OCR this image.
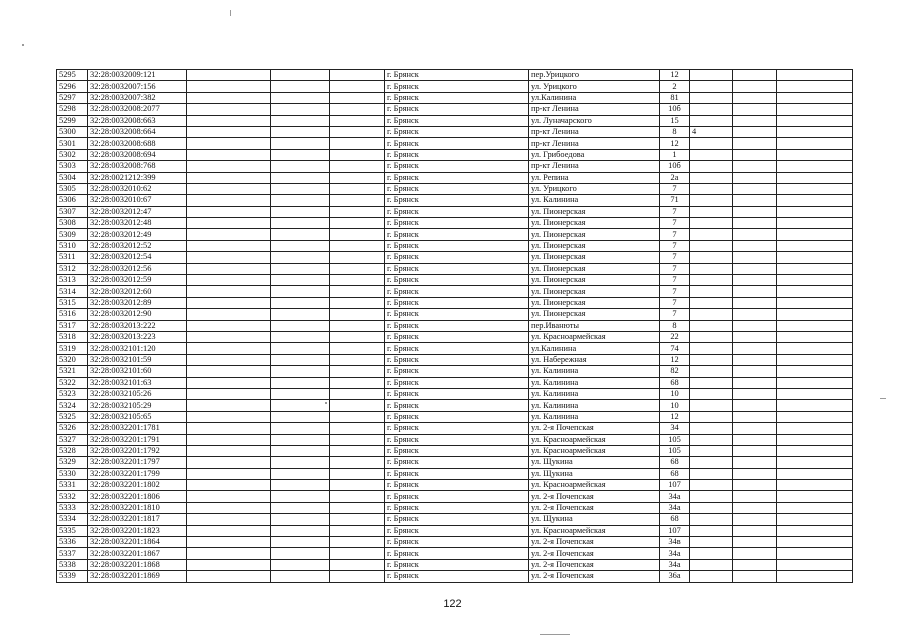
5295	32:28:0032009:121				г. Брянск	пер.Урицкого	12			
5296	32:28:0032007:156				г. Брянск	ул. Урицкого	2			
5297	32:28:0032007:382				г. Брянск	ул.Калинина	81			
5298	32:28:0032008:2077				г. Брянск	пр-кт Ленина	10б			
5299	32:28:0032008:663				г. Брянск	ул. Луначарского	15			
5300	32:28:0032008:664				г. Брянск	пр-кт Ленина	8	4		
5301	32:28:0032008:688				г. Брянск	пр-кт Ленина	12			
5302	32:28:0032008:694				г. Брянск	ул. Грибоедова	1			
5303	32:28:0032008:768				г. Брянск	пр-кт Ленина	10б			
5304	32:28:0021212:399				г. Брянск	ул. Репина	2а			
5305	32:28:0032010:62				г. Брянск	ул. Урицкого	7			
5306	32:28:0032010:67				г. Брянск	ул. Калинина	71			
5307	32:28:0032012:47				г. Брянск	ул. Пионерская	7			
5308	32:28:0032012:48				г. Брянск	ул. Пионерская	7			
5309	32:28:0032012:49				г. Брянск	ул. Пионерская	7			
5310	32:28:0032012:52				г. Брянск	ул. Пионерская	7			
5311	32:28:0032012:54				г. Брянск	ул. Пионерская	7			
5312	32:28:0032012:56				г. Брянск	ул. Пионерская	7			
5313	32:28:0032012:59				г. Брянск	ул. Пионерская	7			
5314	32:28:0032012:60				г. Брянск	ул. Пионерская	7			
5315	32:28:0032012:89				г. Брянск	ул. Пионерская	7			
5316	32:28:0032012:90				г. Брянск	ул. Пионерская	7			
5317	32:28:0032013:222				г. Брянск	пер.Иванюты	8			
5318	32:28:0032013:223				г. Брянск	ул. Красноармейская	22			
5319	32:28:0032101:120				г. Брянск	ул.Калинина	74			
5320	32:28:0032101:59				г. Брянск	ул. Набережная	12			
5321	32:28:0032101:60				г. Брянск	ул. Калинина	82			
5322	32:28:0032101:63				г. Брянск	ул. Калинина	68			
5323	32:28:0032105:26				г. Брянск	ул. Калинина	10			
5324	32:28:0032105:29				г. Брянск	ул. Калинина	10			
5325	32:28:0032105:65				г. Брянск	ул. Калинина	12			
5326	32:28:0032201:1781				г. Брянск	ул. 2-я Почепская	34			
5327	32:28:0032201:1791				г. Брянск	ул. Красноармейская	105			
5328	32:28:0032201:1792				г. Брянск	ул. Красноармейская	105			
5329	32:28:0032201:1797				г. Брянск	ул. Щукина	68			
5330	32:28:0032201:1799				г. Брянск	ул. Щукина	68			
5331	32:28:0032201:1802				г. Брянск	ул. Красноармейская	107			
5332	32:28:0032201:1806				г. Брянск	ул. 2-я Почепская	34а			
5333	32:28:0032201:1810				г. Брянск	ул. 2-я Почепская	34а			
5334	32:28:0032201:1817				г. Брянск	ул. Щукина	68			
5335	32:28:0032201:1823				г. Брянск	ул. Красноармейская	107			
5336	32:28:0032201:1864				г. Брянск	ул. 2-я Почепская	34в			
5337	32:28:0032201:1867				г. Брянск	ул. 2-я Почепская	34а			
5338	32:28:0032201:1868				г. Брянск	ул. 2-я Почепская	34а			
5339	32:28:0032201:1869				г. Брянск	ул. 2-я Почепская	36а			
122
